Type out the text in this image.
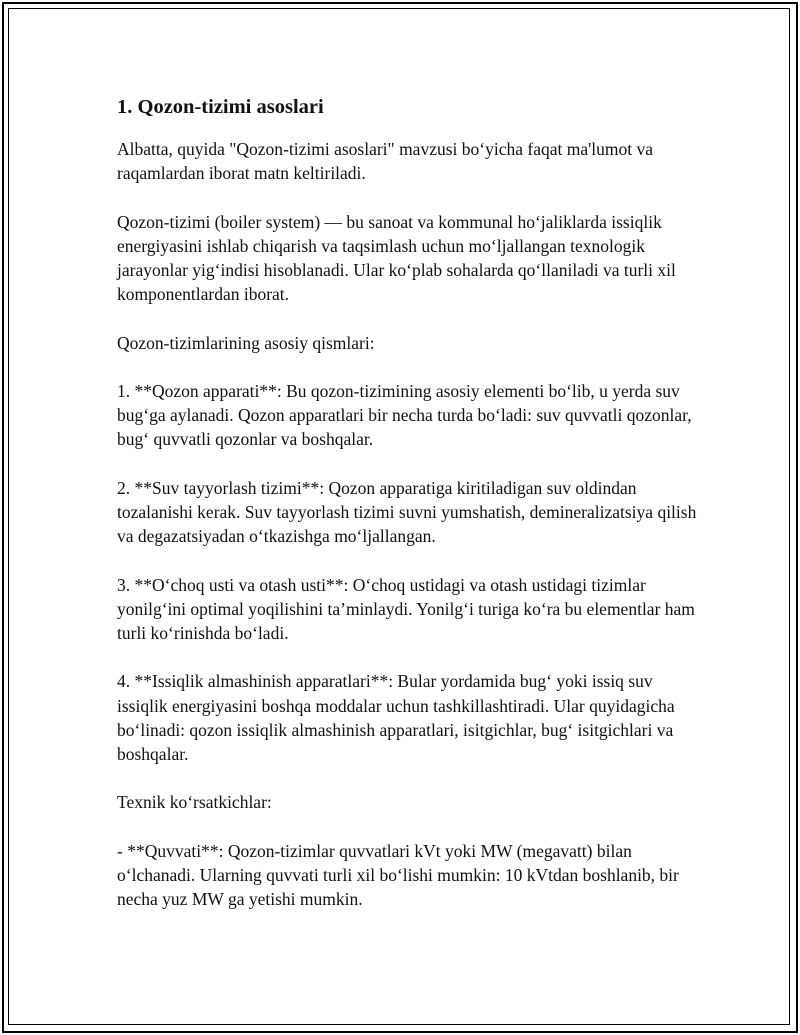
1. Qozon-tizimi asoslari

Albatta, quyida "Qozon-tizimi asoslari" mavzusi bo‘yicha faqat ma'lumot va raqamlardan iborat matn keltiriladi.

Qozon-tizimi (boiler system) — bu sanoat va kommunal ho‘jaliklarda issiqlik energiyasini ishlab chiqarish va taqsimlash uchun mo‘ljallangan texnologik jarayonlar yig‘indisi hisoblanadi. Ular ko‘plab sohalarda qo‘llaniladi va turli xil komponentlardan iborat.

Qozon-tizimlarining asosiy qismlari:

1. **Qozon apparati**: Bu qozon-tizimining asosiy elementi bo‘lib, u yerda suv bug‘ga aylanadi. Qozon apparatlari bir necha turda bo‘ladi: suv quvvatli qozonlar, bug‘ quvvatli qozonlar va boshqalar.

2. **Suv tayyorlash tizimi**: Qozon apparatiga kiritiladigan suv oldindan tozalanishi kerak. Suv tayyorlash tizimi suvni yumshatish, demineralizatsiya qilish va degazatsiyadan o‘tkazishga mo‘ljallangan.

3. **O‘choq usti va otash usti**: O‘choq ustidagi va otash ustidagi tizimlar yonilg‘ini optimal yoqilishini ta’minlaydi. Yonilg‘i turiga ko‘ra bu elementlar ham turli ko‘rinishda bo‘ladi.

4. **Issiqlik almashinish apparatlari**: Bular yordamida bug‘ yoki issiq suv issiqlik energiyasini boshqa moddalar uchun tashkillashtiradi. Ular quyidagicha bo‘linadi: qozon issiqlik almashinish apparatlari, isitgichlar, bug‘ isitgichlari va boshqalar.

Texnik ko‘rsatkichlar:

- **Quvvati**: Qozon-tizimlar quvvatlari kVt yoki MW (megavatt) bilan o‘lchanadi. Ularning quvvati turli xil bo‘lishi mumkin: 10 kVtdan boshlanib, bir necha yuz MW ga yetishi mumkin.
